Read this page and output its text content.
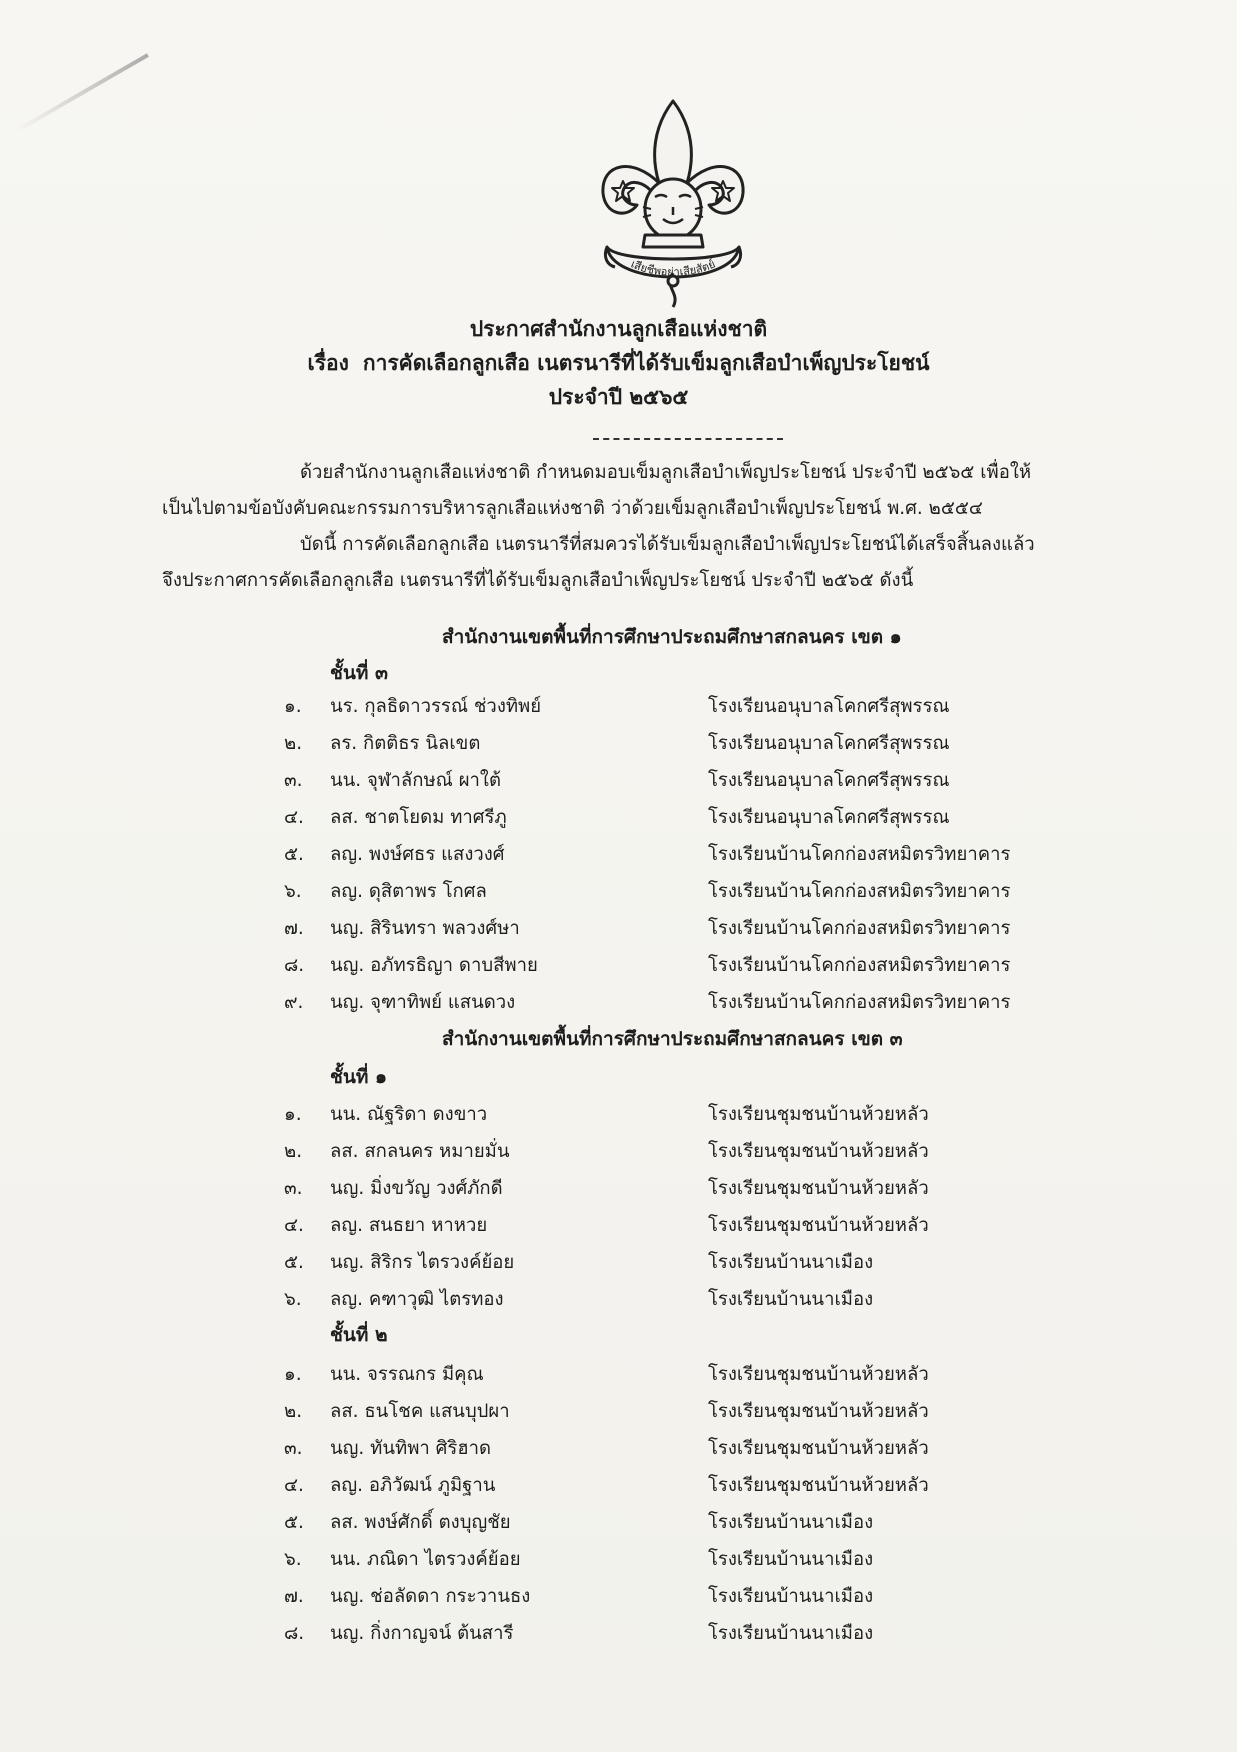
เสียชีพอย่าเสียสัตย์
ประกาศสำนักงานลูกเสือแห่งชาติ
เรื่อง การคัดเลือกลูกเสือ เนตรนารีที่ได้รับเข็มลูกเสือบำเพ็ญประโยชน์
ประจำปี ๒๕๖๕
ด้วยสำนักงานลูกเสือแห่งชาติ กำหนดมอบเข็มลูกเสือบำเพ็ญประโยชน์ ประจำปี ๒๕๖๕ เพื่อให้
เป็นไปตามข้อบังคับคณะกรรมการบริหารลูกเสือแห่งชาติ ว่าด้วยเข็มลูกเสือบำเพ็ญประโยชน์ พ.ศ. ๒๕๕๔
บัดนี้ การคัดเลือกลูกเสือ เนตรนารีที่สมควรได้รับเข็มลูกเสือบำเพ็ญประโยชน์ได้เสร็จสิ้นลงแล้ว
จึงประกาศการคัดเลือกลูกเสือ เนตรนารีที่ได้รับเข็มลูกเสือบำเพ็ญประโยชน์ ประจำปี ๒๕๖๕ ดังนี้
สำนักงานเขตพื้นที่การศึกษาประถมศึกษาสกลนคร เขต ๑
ชั้นที่ ๓
๑. นร. กุลธิดาวรรณ์ ช่วงทิพย์	โรงเรียนอนุบาลโคกศรีสุพรรณ
๒. ลร. กิตติธร นิลเขต	โรงเรียนอนุบาลโคกศรีสุพรรณ
๓. นน. จุฬาลักษณ์ ผาใต้	โรงเรียนอนุบาลโคกศรีสุพรรณ
๔. ลส. ชาตโยดม ทาศรีภู	โรงเรียนอนุบาลโคกศรีสุพรรณ
๕. ลญ. พงษ์ศธร แสงวงศ์	โรงเรียนบ้านโคกก่องสหมิตรวิทยาคาร
๖. ลญ. ดุสิตาพร โกศล	โรงเรียนบ้านโคกก่องสหมิตรวิทยาคาร
๗. นญ. สิรินทรา พลวงศ์ษา	โรงเรียนบ้านโคกก่องสหมิตรวิทยาคาร
๘. นญ. อภัทรธิญา ดาบสีพาย	โรงเรียนบ้านโคกก่องสหมิตรวิทยาคาร
๙. นญ. จุฑาทิพย์ แสนดวง	โรงเรียนบ้านโคกก่องสหมิตรวิทยาคาร
สำนักงานเขตพื้นที่การศึกษาประถมศึกษาสกลนคร เขต ๓
ชั้นที่ ๑
๑. นน. ณัฐริดา ดงขาว	โรงเรียนชุมชนบ้านห้วยหลัว
๒. ลส. สกลนคร หมายมั่น	โรงเรียนชุมชนบ้านห้วยหลัว
๓. นญ. มิ่งขวัญ วงศ์ภักดี	โรงเรียนชุมชนบ้านห้วยหลัว
๔. ลญ. สนธยา หาหวย	โรงเรียนชุมชนบ้านห้วยหลัว
๕. นญ. สิริกร ไตรวงค์ย้อย	โรงเรียนบ้านนาเมือง
๖. ลญ. คฑาวุฒิ ไตรทอง	โรงเรียนบ้านนาเมือง
ชั้นที่ ๒
๑. นน. จรรณกร มีคุณ	โรงเรียนชุมชนบ้านห้วยหลัว
๒. ลส. ธนโชค แสนบุปผา	โรงเรียนชุมชนบ้านห้วยหลัว
๓. นญ. ทันทิพา ศิริฮาด	โรงเรียนชุมชนบ้านห้วยหลัว
๔. ลญ. อภิวัฒน์ ภูมิฐาน	โรงเรียนชุมชนบ้านห้วยหลัว
๕. ลส. พงษ์ศักดิ์ ตงบุญชัย	โรงเรียนบ้านนาเมือง
๖. นน. ภณิดา ไตรวงค์ย้อย	โรงเรียนบ้านนาเมือง
๗. นญ. ช่อลัดดา กระวานธง	โรงเรียนบ้านนาเมือง
๘. นญ. กิ่งกาญจน์ ต้นสารี	โรงเรียนบ้านนาเมือง
